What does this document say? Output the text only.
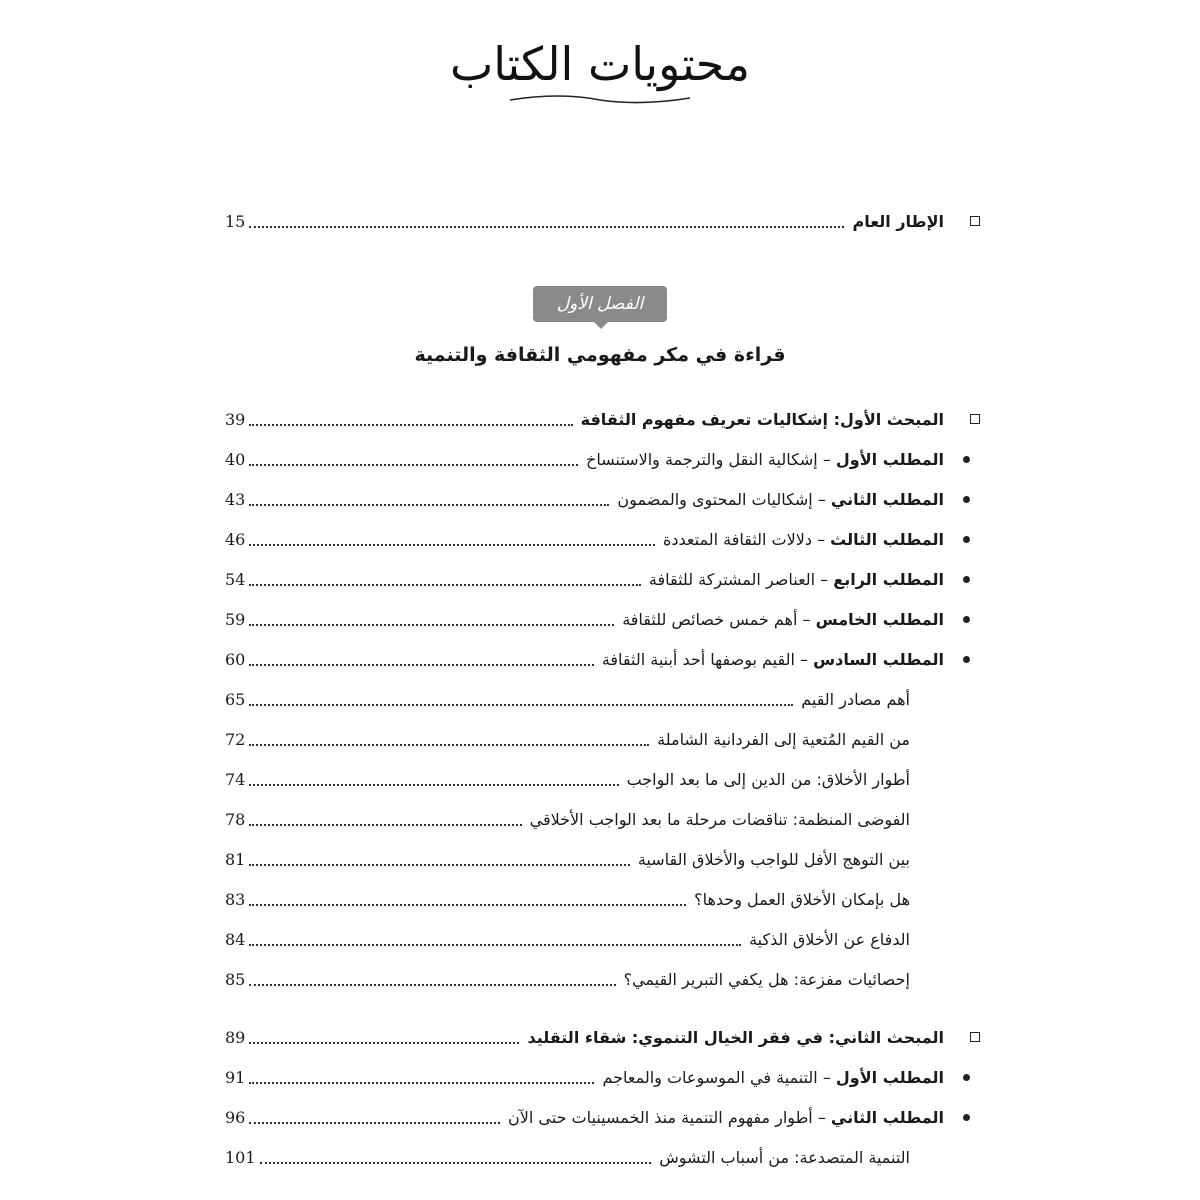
محتويات الكتاب
الإطار العام
15
الفصل الأول
قراءة في مكر مفهومي الثقافة والتنمية
المبحث الأول: إشكاليات تعريف مفهوم الثقافة
39
المطلب الأول – إشكالية النقل والترجمة والاستنساخ
40
المطلب الثاني – إشكاليات المحتوى والمضمون
43
المطلب الثالث – دلالات الثقافة المتعددة
46
المطلب الرابع – العناصر المشتركة للثقافة
54
المطلب الخامس – أهم خمس خصائص للثقافة
59
المطلب السادس – القيم بوصفها أحد أبنية الثقافة
60
أهم مصادر القيم
65
من القيم المُتعية إلى الفردانية الشاملة
72
أطوار الأخلاق: من الدين إلى ما بعد الواجب
74
الفوضى المنظمة: تناقضات مرحلة ما بعد الواجب الأخلاقي
78
بين التوهج الأفل للواجب والأخلاق القاسية
81
هل بإمكان الأخلاق العمل وحدها؟
83
الدفاع عن الأخلاق الذكية
84
إحصائيات مفزعة: هل يكفي التبرير القيمي؟
85
المبحث الثاني: في فقر الخيال التنموي: شقاء التقليد
89
المطلب الأول – التنمية في الموسوعات والمعاجم
91
المطلب الثاني – أطوار مفهوم التنمية منذ الخمسينيات حتى الآن
96
التنمية المتصدعة: من أسباب التشوش
101
